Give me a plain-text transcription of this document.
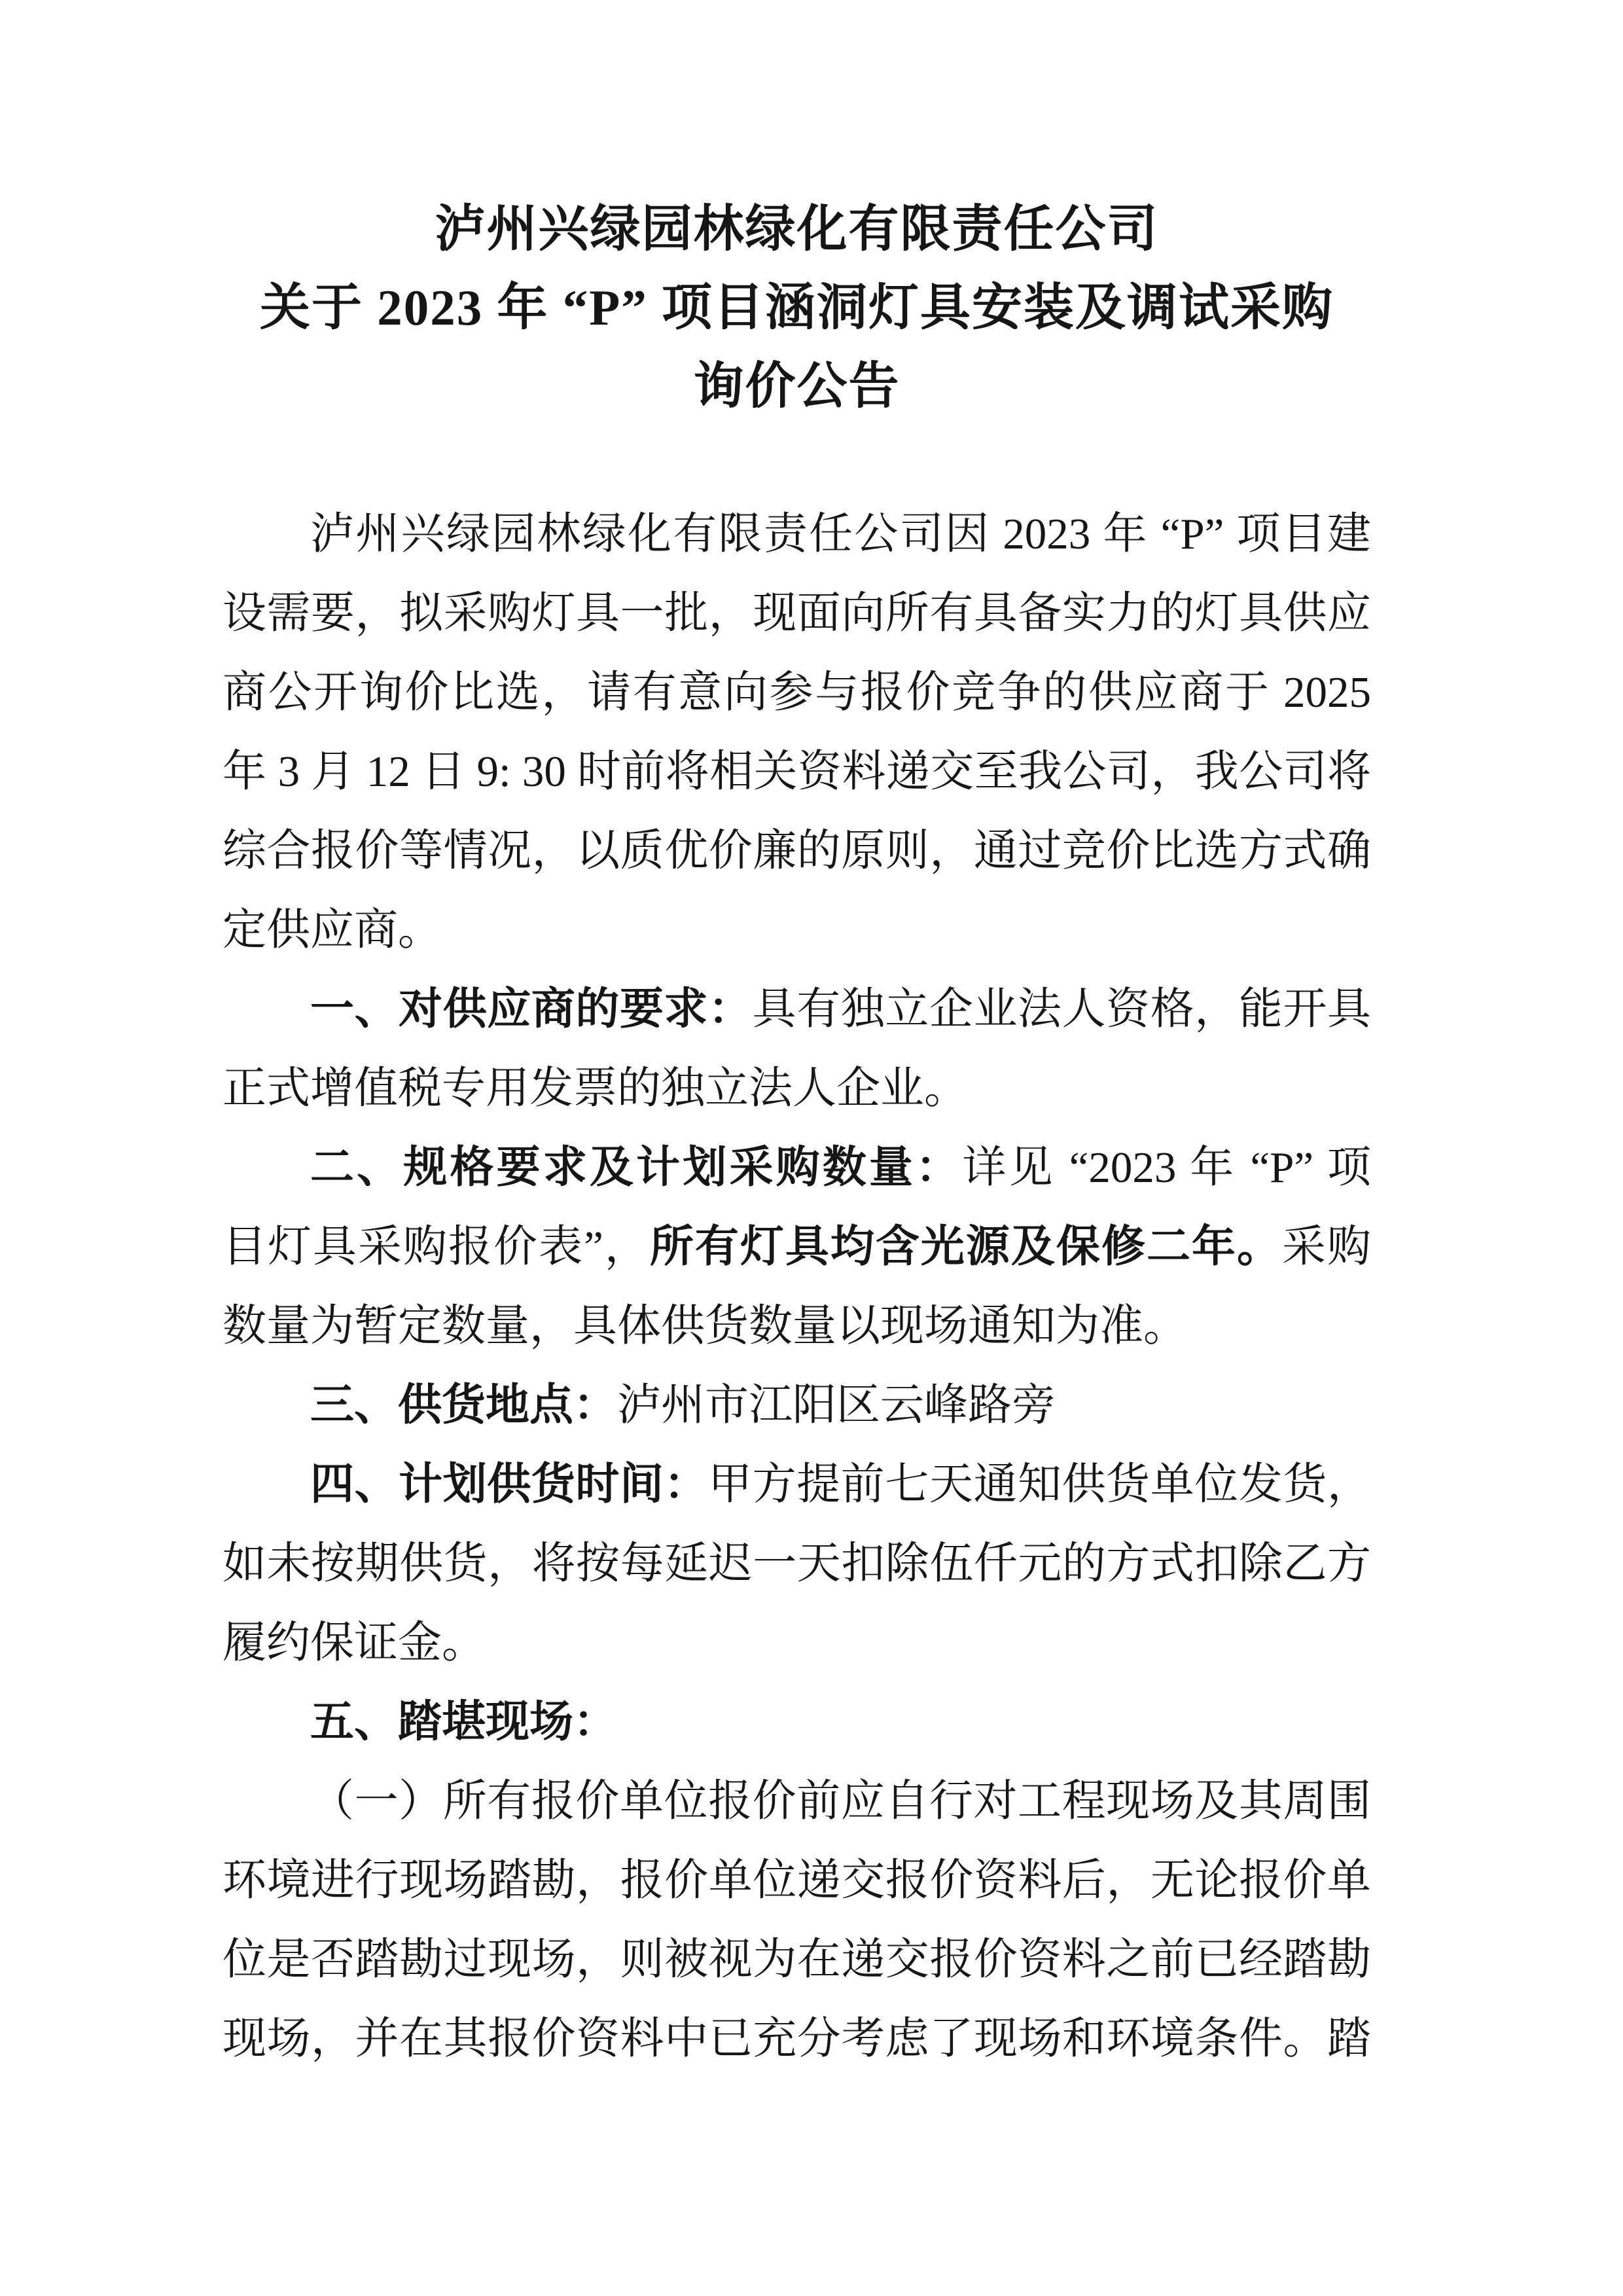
泸州兴绿园林绿化有限责任公司
关于 2023 年 “P” 项目涵洞灯具安装及调试采购
询价公告
泸州兴绿园林绿化有限责任公司因 2023 年 “P” 项目建
设需要，拟采购灯具一批，现面向所有具备实力的灯具供应
商公开询价比选，请有意向参与报价竞争的供应商于 2025
年 3 月 12 日 9: 30 时前将相关资料递交至我公司，我公司将
综合报价等情况，以质优价廉的原则，通过竞价比选方式确
定供应商。
一、对供应商的要求：具有独立企业法人资格，能开具
正式增值税专用发票的独立法人企业。
二、规格要求及计划采购数量：详见 “2023 年 “P” 项
目灯具采购报价表”，所有灯具均含光源及保修二年。采购
数量为暂定数量，具体供货数量以现场通知为准。
三、供货地点：泸州市江阳区云峰路旁
四、计划供货时间：甲方提前七天通知供货单位发货，
如未按期供货，将按每延迟一天扣除伍仟元的方式扣除乙方
履约保证金。
五、踏堪现场：
（一）所有报价单位报价前应自行对工程现场及其周围
环境进行现场踏勘，报价单位递交报价资料后，无论报价单
位是否踏勘过现场，则被视为在递交报价资料之前已经踏勘
现场，并在其报价资料中已充分考虑了现场和环境条件。踏
